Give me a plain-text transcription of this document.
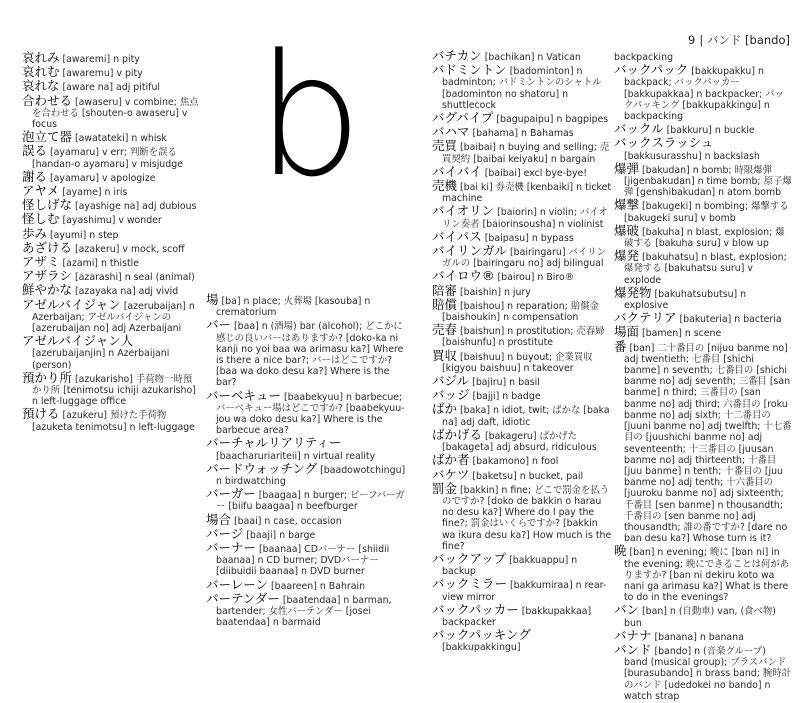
b	9 | バンド [bando]
哀れみ [awaremi] n pity
哀れむ [awaremu] v pity
哀れな [aware na] adj pitiful
合わせる [awaseru] v combine; 焦点を合わせる [shouten-o awaseru] v focus
泡立て器 [awatateki] n whisk
誤る [ayamaru] v err; 判断を誤る [handan-o ayamaru] v misjudge
謝る [ayamaru] v apologize
アヤメ [ayame] n iris
怪しげな [ayashige na] adj dubious
怪しむ [ayashimu] v wonder
歩み [ayumi] n step
あざける [azakeru] v mock, scoff
アザミ [azami] n thistle
アザラシ [azarashi] n seal (animal)
鮮やかな [azayaka na] adj vivid
アゼルバイジャン [azerubaijan] n Azerbaijan; アゼルバイジャンの [azerubaijan no] adj Azerbaijani
アゼルバイジャン人 [azerubaijanjin] n Azerbaijani (person)
預かり所 [azukarisho] 手荷物一時預かり所 [tenimotsu ichiji azukarisho] n left-luggage office
預ける [azukeru] 預けた手荷物 [azuketa tenimotsu] n left-luggage
場 [ba] n place; 火葬場 [kasouba] n crematorium
バー [baa] n (酒場) bar (alcohol); どこかに感じの良いバーはありますか? [doko-ka ni kanji no yoi baa wa arimasu ka?] Where is there a nice bar?; バーはどこですか? [baa wa doko desu ka?] Where is the bar?
バーベキュー [baabekyuu] n barbecue; バーベキュー場はどこですか? [baabekyuu-jou wa doko desu ka?] Where is the barbecue area?
バーチャルリアリティー [baacharuriariteii] n virtual reality
バードウォッチング [baadowotchingu] n birdwatching
バーガー [baagaa] n burger; ビーフバーガー [biifu baagaa] n beefburger
場合 [baai] n case, occasion
バージ [baaji] n barge
バーナー [baanaa] CDバーナー [shiidii baanaa] n CD burner; DVDバーナー [diibuidii baanaa] n DVD burner
バーレーン [baareen] n Bahrain
バーテンダー [baatendaa] n barman, bartender; 女性バーテンダー [josei baatendaa] n barmaid
バチカン [bachikan] n Vatican
バドミントン [badominton] n badminton; バドミントンのシャトル [badominton no shatoru] n shuttlecock
バグパイプ [bagupaipu] n bagpipes
バハマ [bahama] n Bahamas
売買 [baibai] n buying and selling; 売買契約 [baibai keiyaku] n bargain
バイバイ [baibai] excl bye-bye!
売機 [bai ki] 券売機 [kenbaiki] n ticket machine
バイオリン [baiorin] n violin; バイオリン奏者 [baiorinsousha] n violinist
バイパス [baipasu] n bypass
バイリンガル [bairingaru] バイリンガルの [bairingaru no] adj bilingual
バイロウ® [bairou] n Biro®
陪審 [baishin] n jury
賠償 [baishou] n reparation; 賠償金 [baishoukin] n compensation
売春 [baishun] n prostitution; 売春婦 [baishunfu] n prostitute
買収 [baishuu] n buyout; 企業買収 [kigyou baishuu] n takeover
バジル [bajiru] n basil
バッジ [bajji] n badge
ばか [baka] n idiot, twit; ばかな [baka na] adj daft, idiotic
ばかげる [bakageru] ばかげた [bakageta] adj absurd, ridiculous
ばか者 [bakamono] n fool
バケツ [baketsu] n bucket, pail
罰金 [bakkin] n fine; どこで罰金を払うのですか? [doko de bakkin o harau no desu ka?] Where do I pay the fine?; 罰金はいくらですか? [bakkin wa ikura desu ka?] How much is the fine?
バックアップ [bakkuappu] n backup
バックミラー [bakkumiraa] n rear-view mirror
バックパッカー [bakkupakkaa] backpacker
バックパッキング [bakkupakkingu]
backpacking
バックパック [bakkupakku] n backpack; バックパッカー [bakkupakkaa] n backpacker; バックパッキング [bakkupakkingu] n backpacking
バックル [bakkuru] n buckle
バックスラッシュ [bakkusurasshu] n backslash
爆弾 [bakudan] n bomb; 時限爆弾 [jigenbakudan] n time bomb; 原子爆弾 [genshibakudan] n atom bomb
爆撃 [bakugeki] n bombing; 爆撃する [bakugeki suru] v bomb
爆破 [bakuha] n blast, explosion; 爆破する [bakuha suru] v blow up
爆発 [bakuhatsu] n blast, explosion; 爆発する [bakuhatsu suru] v explode
爆発物 [bakuhatsubutsu] n explosive
バクテリア [bakuteria] n bacteria
場面 [bamen] n scene
番 [ban] 二十番目の [nijuu banme no] adj twentieth; 七番目 [shichi banme] n seventh; 七番目の [shichi banme no] adj seventh; 三番目 [san banme] n third; 三番目の [san banme no] adj third; 六番目の [roku banme no] adj sixth; 十二番目の [juuni banme no] adj twelfth; 十七番目の [juushichi banme no] adj seventeenth; 十三番目の [juusan banme no] adj thirteenth; 十番目 [juu banme] n tenth; 十番目の [juu banme no] adj tenth; 十六番目の [juuroku banme no] adj sixteenth; 千番目 [sen banme] n thousandth; 千番目の [sen banme no] adj thousandth; 誰の番ですか? [dare no ban desu ka?] Whose turn is it?
晩 [ban] n evening; 晩に [ban ni] in the evening; 晩にできることは何がありますか? [ban ni dekiru koto wa nani ga arimasu ka?] What is there to do in the evenings?
バン [ban] n (自動車) van, (食べ物) bun
バナナ [banana] n banana
バンド [bando] n (音楽グループ) band (musical group); ブラスバンド [burasubando] n brass band; 腕時計のバンド [udedokei no bando] n watch strap
